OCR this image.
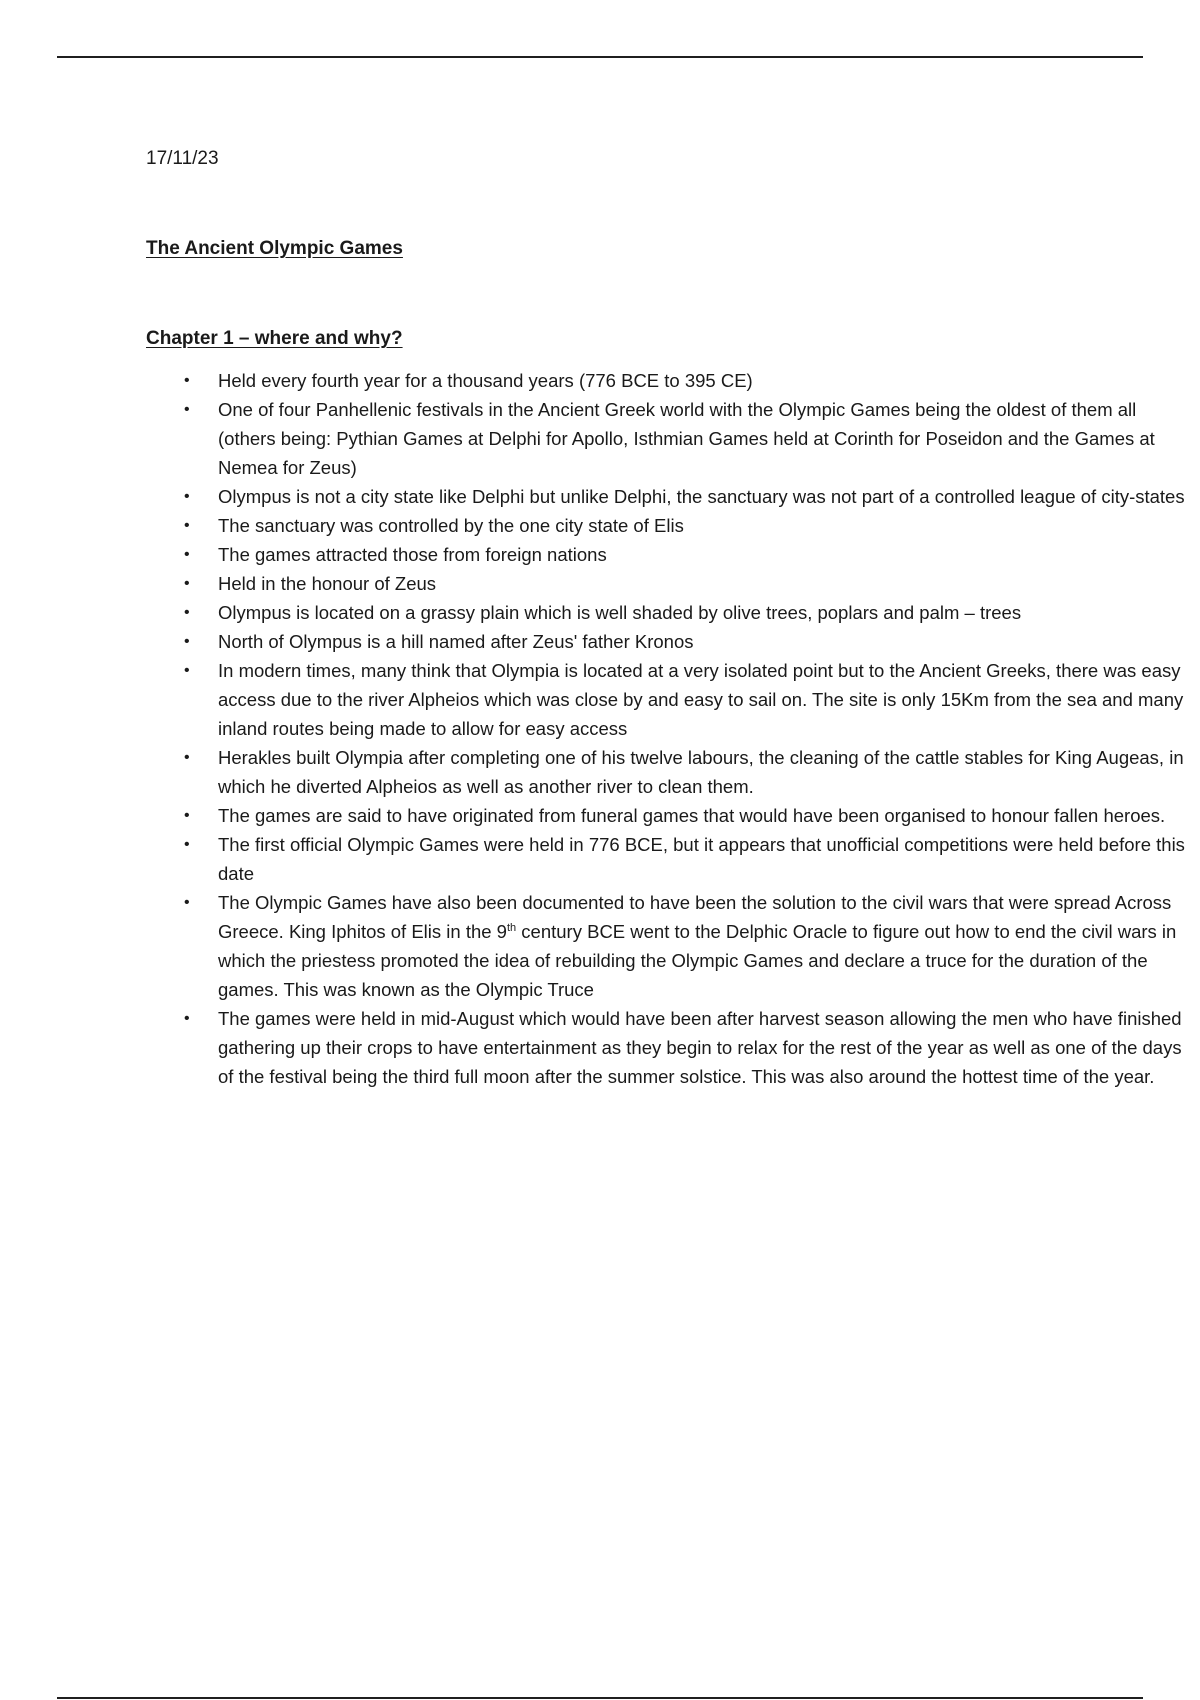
17/11/23

The Ancient Olympic Games

Chapter 1 – where and why?

• Held every fourth year for a thousand years (776 BCE to 395 CE)
• One of four Panhellenic festivals in the Ancient Greek world with the Olympic Games being the oldest of them all (others being: Pythian Games at Delphi for Apollo, Isthmian Games held at Corinth for Poseidon and the Games at Nemea for Zeus)
• Olympus is not a city state like Delphi but unlike Delphi, the sanctuary was not part of a controlled league of city-states
• The sanctuary was controlled by the one city state of Elis
• The games attracted those from foreign nations
• Held in the honour of Zeus
• Olympus is located on a grassy plain which is well shaded by olive trees, poplars and palm – trees
• North of Olympus is a hill named after Zeus' father Kronos
• In modern times, many think that Olympia is located at a very isolated point but to the Ancient Greeks, there was easy access due to the river Alpheios which was close by and easy to sail on. The site is only 15Km from the sea and many inland routes being made to allow for easy access
• Herakles built Olympia after completing one of his twelve labours, the cleaning of the cattle stables for King Augeas, in which he diverted Alpheios as well as another river to clean them.
• The games are said to have originated from funeral games that would have been organised to honour fallen heroes.
• The first official Olympic Games were held in 776 BCE, but it appears that unofficial competitions were held before this date
• The Olympic Games have also been documented to have been the solution to the civil wars that were spread Across Greece. King Iphitos of Elis in the 9th century BCE went to the Delphic Oracle to figure out how to end the civil wars in which the priestess promoted the idea of rebuilding the Olympic Games and declare a truce for the duration of the games. This was known as the Olympic Truce
• The games were held in mid-August which would have been after harvest season allowing the men who have finished gathering up their crops to have entertainment as they begin to relax for the rest of the year as well as one of the days of the festival being the third full moon after the summer solstice. This was also around the hottest time of the year.
